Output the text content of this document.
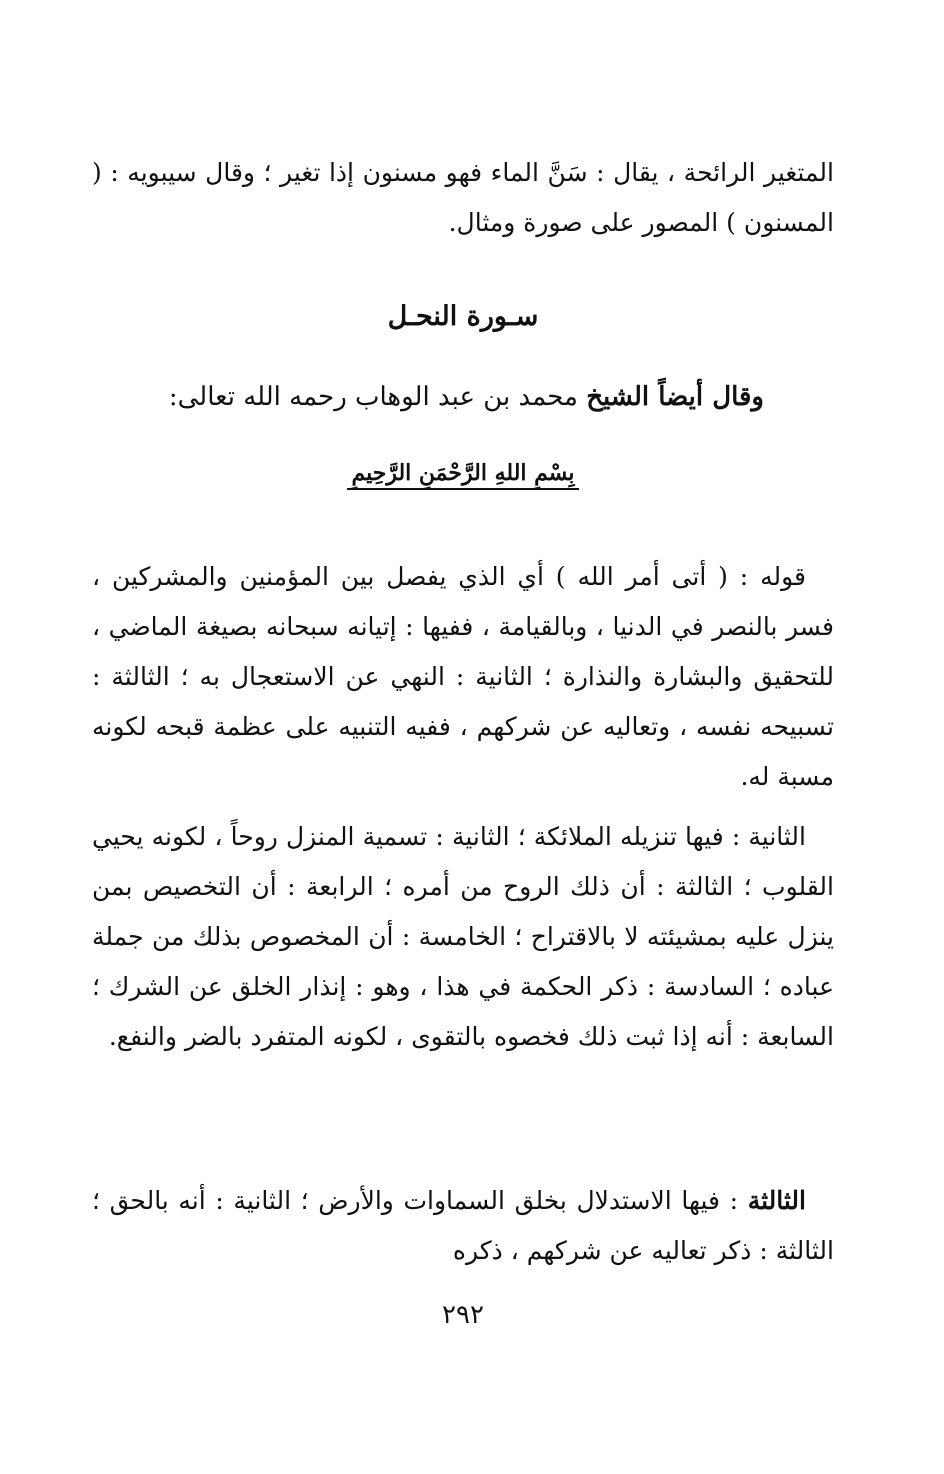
المتغير الرائحة ، يقال : سَنَّ الماء فهو مسنون إذا تغير ؛ وقال سيبويه : ( المسنون ) المصور على صورة ومثال.

سـورة النحـل

وقال أيضاً الشيخ محمد بن عبد الوهاب رحمه الله تعالى:

بِسْمِ اللهِ الرَّحْمَنِ الرَّحِيمِ

قوله : ( أتى أمر الله ) أي الذي يفصل بين المؤمنين والمشركين ، فسر بالنصر في الدنيا ، وبالقيامة ، ففيها : إتيانه سبحانه بصيغة الماضي ، للتحقيق والبشارة والنذارة ؛ الثانية : النهي عن الاستعجال به ؛ الثالثة : تسبيحه نفسه ، وتعاليه عن شركهم ، ففيه التنبيه على عظمة قبحه لكونه مسبة له.

الثانية : فيها تنزيله الملائكة ؛ الثانية : تسمية المنزل روحاً ، لكونه يحيي القلوب ؛ الثالثة : أن ذلك الروح من أمره ؛ الرابعة : أن التخصيص بمن ينزل عليه بمشيئته لا بالاقتراح ؛ الخامسة : أن المخصوص بذلك من جملة عباده ؛ السادسة : ذكر الحكمة في هذا ، وهو : إنذار الخلق عن الشرك ؛ السابعة : أنه إذا ثبت ذلك فخصوه بالتقوى ، لكونه المتفرد بالضر والنفع.

الثالثة : فيها الاستدلال بخلق السماوات والأرض ؛ الثانية : أنه بالحق ؛ الثالثة : ذكر تعاليه عن شركهم ، ذكره

٢٩٢
